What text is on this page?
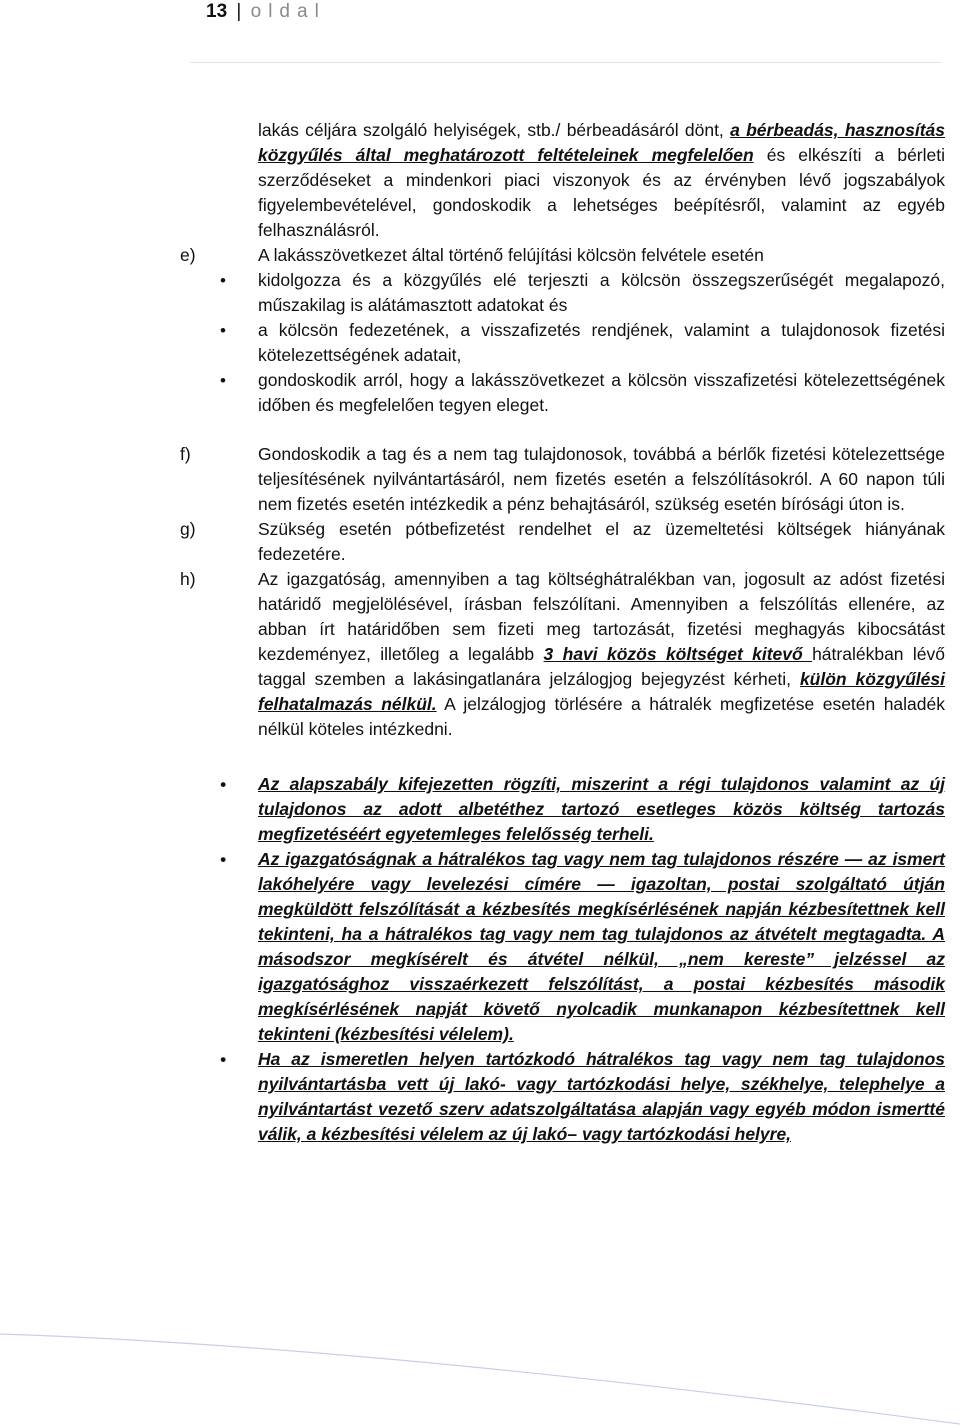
13 | oldal
lakás céljára szolgáló helyiségek, stb./ bérbeadásáról dönt, a bérbeadás, hasznosítás közgyűlés által meghatározott feltételeinek megfelelően és elkészíti a bérleti szerződéseket a mindenkori piaci viszonyok és az érvényben lévő jogszabályok figyelembevételével, gondoskodik a lehetséges beépítésről, valamint az egyéb felhasználásról.
e)	A lakásszövetkezet által történő felújítási kölcsön felvétele esetén
• kidolgozza és a közgyűlés elé terjeszti a kölcsön összegszerűségét megalapozó, műszakilag is alátámasztott adatokat és
• a kölcsön fedezetének, a visszafizetés rendjének, valamint a tulajdonosok fizetési kötelezettségének adatait,
• gondoskodik arról, hogy a lakásszövetkezet a kölcsön visszafizetési kötelezettségének időben és megfelelően tegyen eleget.
f)	Gondoskodik a tag és a nem tag tulajdonosok, továbbá a bérlők fizetési kötelezettsége teljesítésének nyilvántartásáról, nem fizetés esetén a felszólításokról. A 60 napon túli nem fizetés esetén intézkedik a pénz behajtásáról, szükség esetén bírósági úton is.
g)	Szükség esetén pótbefizetést rendelhet el az üzemeltetési költségek hiányának fedezetére.
h)	Az igazgatóság, amennyiben a tag költséghátralékban van, jogosult az adóst fizetési határidő megjelölésével, írásban felszólítani. Amennyiben a felszólítás ellenére, az abban írt határidőben sem fizeti meg tartozását, fizetési meghagyás kibocsátást kezdeményez, illetőleg a legalább 3 havi közös költséget kitevő hátralékban lévő taggal szemben a lakásingatlanára jelzálogjog bejegyzést kérheti, külön közgyűlési felhatalmazás nélkül. A jelzálogjog törlésére a hátralék megfizetése esetén haladék nélkül köteles intézkedni.
• Az alapszabály kifejezetten rögzíti, miszerint a régi tulajdonos valamint az új tulajdonos az adott albetéthez tartozó esetleges közös költség tartozás megfizetéséért egyetemleges felelősség terheli.
• Az igazgatóságnak a hátralékos tag vagy nem tag tulajdonos részére — az ismert lakóhelyére vagy levelezési címére — igazoltan, postai szolgáltató útján megküldött felszólítását a kézbesítés megkísérlésének napján kézbesítettnek kell tekinteni, ha a hátralékos tag vagy nem tag tulajdonos az átvételt megtagadta. A másodszor megkísérelt és átvétel nélkül, „nem kereste” jelzéssel az igazgatósághoz visszaérkezett felszólítást, a postai kézbesítés második megkísérlésének napját követő nyolcadik munkanapon kézbesítettnek kell tekinteni (kézbesítési vélelem).
• Ha az ismeretlen helyen tartózkodó hátralékos tag vagy nem tag tulajdonos nyilvántartásba vett új lakó- vagy tartózkodási helye, székhelye, telephelye a nyilvántartást vezető szerv adatszolgáltatása alapján vagy egyéb módon ismertté válik, a kézbesítési vélelem az új lakó– vagy tartózkodási helyre,
